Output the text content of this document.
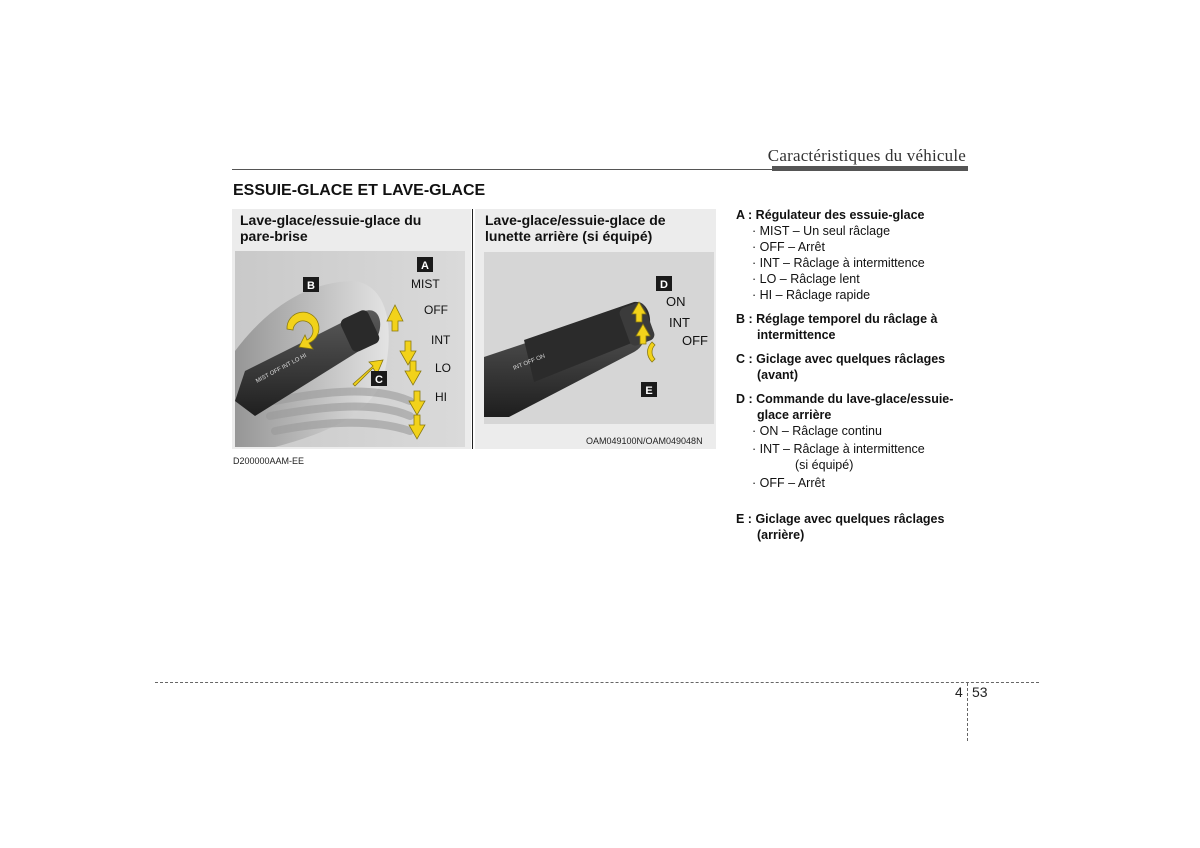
Caractéristiques du véhicule
ESSUIE-GLACE ET LAVE-GLACE
Lave-glace/essuie-glace du
pare-brise
MIST OFF INT LO HI
A
B
C
MIST
OFF
INT
LO
HI
Lave-glace/essuie-glace de
lunette arrière (si équipé)
INT OFF ON
D
E
ON
INT
OFF
D200000AAM-EE
OAM049100N/OAM049048N
A : Régulateur des essuie-glace
· MIST – Un seul râclage
· OFF – Arrêt
· INT – Râclage à intermittence
· LO – Râclage lent
· HI – Râclage rapide
B : Réglage temporel du râclage à
intermittence
C : Giclage avec quelques râclages
(avant)
D : Commande du lave-glace/essuie-
glace arrière
· ON – Râclage continu
· INT – Râclage à intermittence
(si équipé)
· OFF – Arrêt
E : Giclage avec quelques râclages
(arrière)
4 53
